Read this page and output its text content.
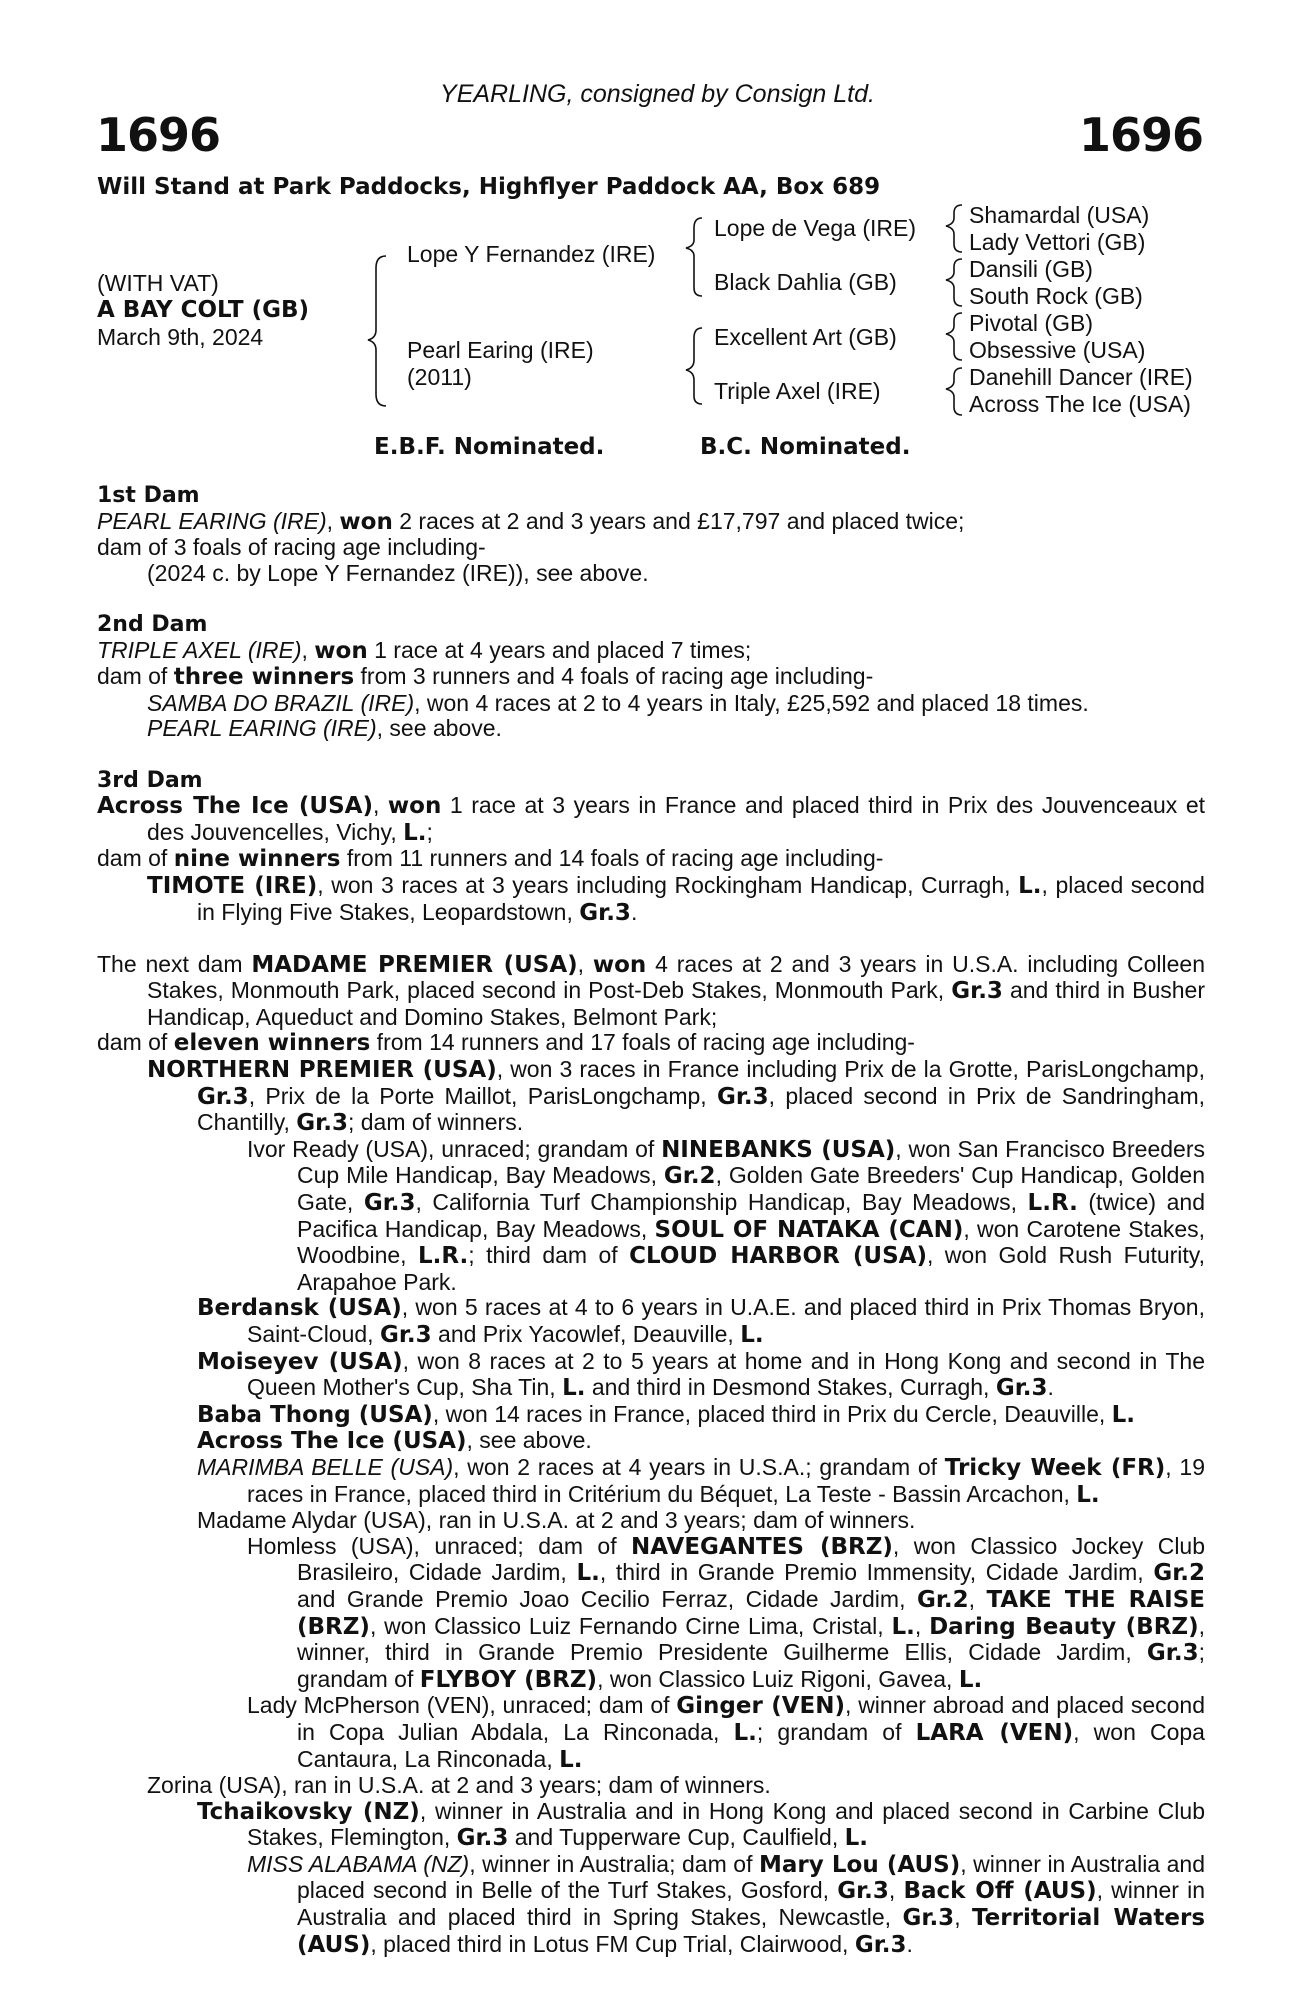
YEARLING, consigned by Consign Ltd.
1696	1696
Will Stand at Park Paddocks, Highflyer Paddock AA, Box 689
(WITH VAT)
A BAY COLT (GB)
March 9th, 2024
Lope Y Fernandez (IRE)
Pearl Earing (IRE)
(2011)
Lope de Vega (IRE)
Black Dahlia (GB)
Excellent Art (GB)
Triple Axel (IRE)
Shamardal (USA)
Lady Vettori (GB)
Dansili (GB)
South Rock (GB)
Pivotal (GB)
Obsessive (USA)
Danehill Dancer (IRE)
Across The Ice (USA)
E.B.F. Nominated.	B.C. Nominated.

1st Dam

PEARL EARING (IRE), won 2 races at 2 and 3 years and £17,797 and placed twice;

dam of 3 foals of racing age including-

(2024 c. by Lope Y Fernandez (IRE)), see above.

2nd Dam

TRIPLE AXEL (IRE), won 1 race at 4 years and placed 7 times;

dam of three winners from 3 runners and 4 foals of racing age including-

SAMBA DO BRAZIL (IRE), won 4 races at 2 to 4 years in Italy, £25,592 and placed 18 times.

PEARL EARING (IRE), see above.

3rd Dam

Across The Ice (USA), won 1 race at 3 years in France and placed third in Prix des Jouvenceaux et des Jouvencelles, Vichy, L.;

dam of nine winners from 11 runners and 14 foals of racing age including-

TIMOTE (IRE), won 3 races at 3 years including Rockingham Handicap, Curragh, L., placed second in Flying Five Stakes, Leopardstown, Gr.3.

The next dam MADAME PREMIER (USA), won 4 races at 2 and 3 years in U.S.A. including Colleen Stakes, Monmouth Park, placed second in Post-Deb Stakes, Monmouth Park, Gr.3 and third in Busher Handicap, Aqueduct and Domino Stakes, Belmont Park;

dam of eleven winners from 14 runners and 17 foals of racing age including-

NORTHERN PREMIER (USA), won 3 races in France including Prix de la Grotte, ParisLongchamp, Gr.3, Prix de la Porte Maillot, ParisLongchamp, Gr.3, placed second in Prix de Sandringham, Chantilly, Gr.3; dam of winners.

Ivor Ready (USA), unraced; grandam of NINEBANKS (USA), won San Francisco Breeders Cup Mile Handicap, Bay Meadows, Gr.2, Golden Gate Breeders' Cup Handicap, Golden Gate, Gr.3, California Turf Championship Handicap, Bay Meadows, L.R. (twice) and Pacifica Handicap, Bay Meadows, SOUL OF NATAKA (CAN), won Carotene Stakes, Woodbine, L.R.; third dam of CLOUD HARBOR (USA), won Gold Rush Futurity, Arapahoe Park.

Berdansk (USA), won 5 races at 4 to 6 years in U.A.E. and placed third in Prix Thomas Bryon, Saint-Cloud, Gr.3 and Prix Yacowlef, Deauville, L.

Moiseyev (USA), won 8 races at 2 to 5 years at home and in Hong Kong and second in The Queen Mother's Cup, Sha Tin, L. and third in Desmond Stakes, Curragh, Gr.3.

Baba Thong (USA), won 14 races in France, placed third in Prix du Cercle, Deauville, L.

Across The Ice (USA), see above.

MARIMBA BELLE (USA), won 2 races at 4 years in U.S.A.; grandam of Tricky Week (FR), 19 races in France, placed third in Critérium du Béquet, La Teste - Bassin Arcachon, L.

Madame Alydar (USA), ran in U.S.A. at 2 and 3 years; dam of winners.

Homless (USA), unraced; dam of NAVEGANTES (BRZ), won Classico Jockey Club Brasileiro, Cidade Jardim, L., third in Grande Premio Immensity, Cidade Jardim, Gr.2 and Grande Premio Joao Cecilio Ferraz, Cidade Jardim, Gr.2, TAKE THE RAISE (BRZ), won Classico Luiz Fernando Cirne Lima, Cristal, L., Daring Beauty (BRZ), winner, third in Grande Premio Presidente Guilherme Ellis, Cidade Jardim, Gr.3; grandam of FLYBOY (BRZ), won Classico Luiz Rigoni, Gavea, L.

Lady McPherson (VEN), unraced; dam of Ginger (VEN), winner abroad and placed second in Copa Julian Abdala, La Rinconada, L.; grandam of LARA (VEN), won Copa Cantaura, La Rinconada, L.

Zorina (USA), ran in U.S.A. at 2 and 3 years; dam of winners.

Tchaikovsky (NZ), winner in Australia and in Hong Kong and placed second in Carbine Club Stakes, Flemington, Gr.3 and Tupperware Cup, Caulfield, L.

MISS ALABAMA (NZ), winner in Australia; dam of Mary Lou (AUS), winner in Australia and placed second in Belle of the Turf Stakes, Gosford, Gr.3, Back Off (AUS), winner in Australia and placed third in Spring Stakes, Newcastle, Gr.3, Territorial Waters (AUS), placed third in Lotus FM Cup Trial, Clairwood, Gr.3.
